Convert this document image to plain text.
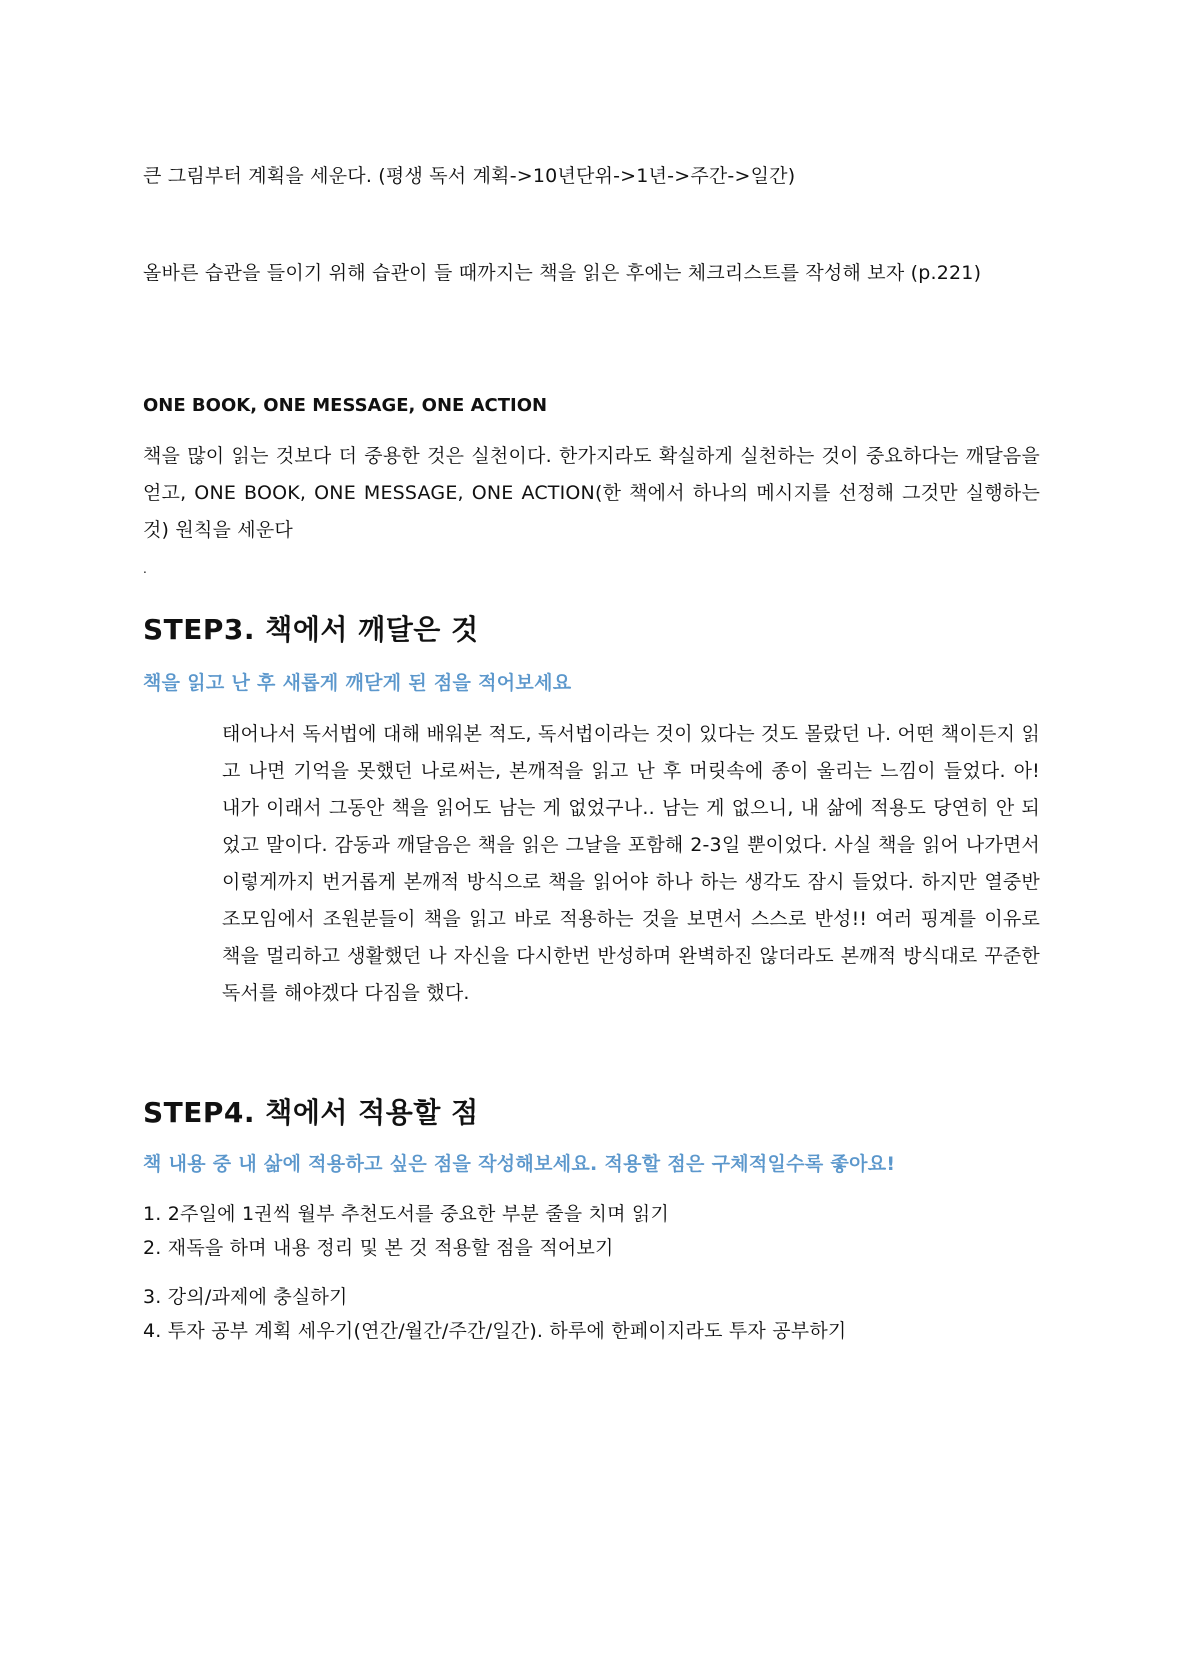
큰 그림부터 계획을 세운다. (평생 독서 계획->10년단위->1년->주간->일간)

올바른 습관을 들이기 위해 습관이 들 때까지는 책을 읽은 후에는 체크리스트를 작성해 보자 (p.221)

ONE BOOK, ONE MESSAGE, ONE ACTION

책을 많이 읽는 것보다 더 중용한 것은 실천이다. 한가지라도 확실하게 실천하는 것이 중요하다는 깨달음을 얻고, ONE BOOK, ONE MESSAGE, ONE ACTION(한 책에서 하나의 메시지를 선정해 그것만 실행하는 것) 원칙을 세운다

.

STEP3. 책에서 깨달은 것

책을 읽고 난 후 새롭게 깨닫게 된 점을 적어보세요

태어나서 독서법에 대해 배워본 적도, 독서법이라는 것이 있다는 것도 몰랐던 나. 어떤 책이든지 읽고 나면 기억을 못했던 나로써는, 본깨적을 읽고 난 후 머릿속에 종이 울리는 느낌이 들었다. 아! 내가 이래서 그동안 책을 읽어도 남는 게 없었구나.. 남는 게 없으니, 내 삶에 적용도 당연히 안 되었고 말이다. 감동과 깨달음은 책을 읽은 그날을 포함해 2-3일 뿐이었다. 사실 책을 읽어 나가면서 이렇게까지 번거롭게 본깨적 방식으로 책을 읽어야 하나 하는 생각도 잠시 들었다. 하지만 열중반 조모임에서 조원분들이 책을 읽고 바로 적용하는 것을 보면서 스스로 반성!! 여러 핑계를 이유로 책을 멀리하고 생활했던 나 자신을 다시한번 반성하며 완벽하진 않더라도 본깨적 방식대로 꾸준한 독서를 해야겠다 다짐을 했다.

STEP4. 책에서 적용할 점

책 내용 중 내 삶에 적용하고 싶은 점을 작성해보세요. 적용할 점은 구체적일수록 좋아요!

1. 2주일에 1권씩 월부 추천도서를 중요한 부분 줄을 치며 읽기
2. 재독을 하며 내용 정리 및 본 것 적용할 점을 적어보기
3. 강의/과제에 충실하기
4. 투자 공부 계획 세우기(연간/월간/주간/일간). 하루에 한페이지라도 투자 공부하기
